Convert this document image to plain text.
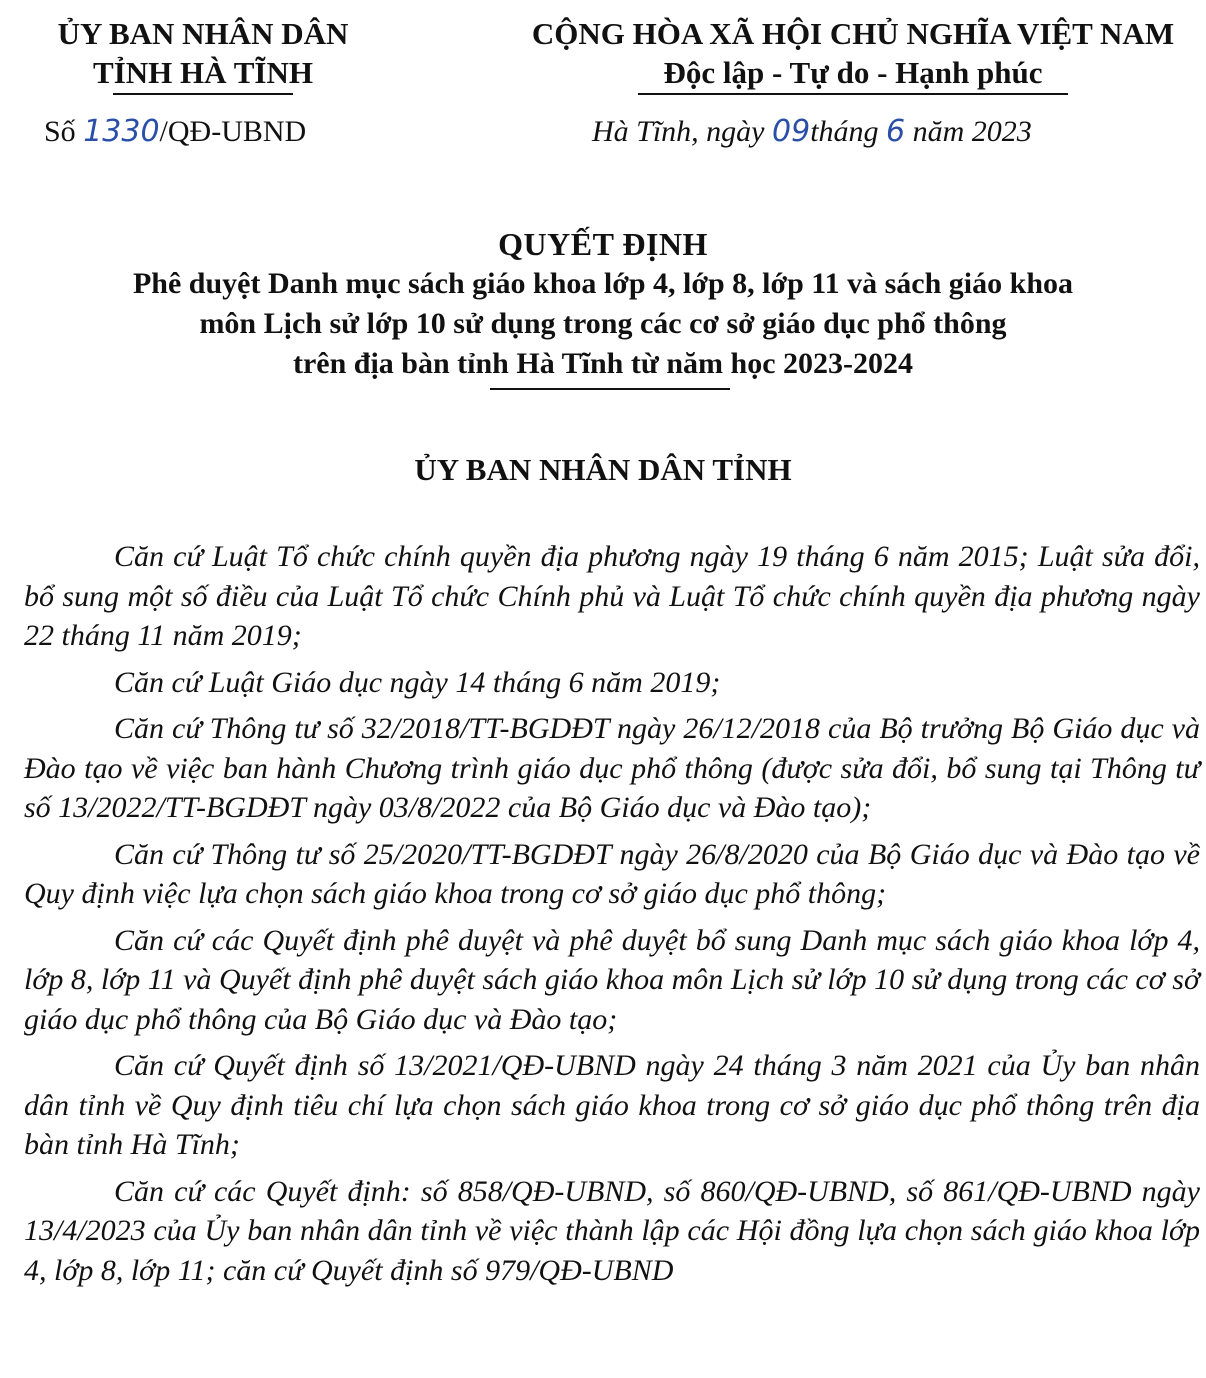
ỦY BAN NHÂN DÂN
TỈNH HÀ TĨNH
CỘNG HÒA XÃ HỘI CHỦ NGHĨA VIỆT NAM
Độc lập - Tự do - Hạnh phúc
Số 1330/QĐ-UBND	Hà Tĩnh, ngày 09tháng 6 năm 2023
QUYẾT ĐỊNH
Phê duyệt Danh mục sách giáo khoa lớp 4, lớp 8, lớp 11 và sách giáo khoa
môn Lịch sử lớp 10 sử dụng trong các cơ sở giáo dục phổ thông
trên địa bàn tỉnh Hà Tĩnh từ năm học 2023-2024
ỦY BAN NHÂN DÂN TỈNH

Căn cứ Luật Tổ chức chính quyền địa phương ngày 19 tháng 6 năm 2015; Luật sửa đổi, bổ sung một số điều của Luật Tổ chức Chính phủ và Luật Tổ chức chính quyền địa phương ngày 22 tháng 11 năm 2019;

Căn cứ Luật Giáo dục ngày 14 tháng 6 năm 2019;

Căn cứ Thông tư số 32/2018/TT-BGDĐT ngày 26/12/2018 của Bộ trưởng Bộ Giáo dục và Đào tạo về việc ban hành Chương trình giáo dục phổ thông (được sửa đổi, bổ sung tại Thông tư số 13/2022/TT-BGDĐT ngày 03/8/2022 của Bộ Giáo dục và Đào tạo);

Căn cứ Thông tư số 25/2020/TT-BGDĐT ngày 26/8/2020 của Bộ Giáo dục và Đào tạo về Quy định việc lựa chọn sách giáo khoa trong cơ sở giáo dục phổ thông;

Căn cứ các Quyết định phê duyệt và phê duyệt bổ sung Danh mục sách giáo khoa lớp 4, lớp 8, lớp 11 và Quyết định phê duyệt sách giáo khoa môn Lịch sử lớp 10 sử dụng trong các cơ sở giáo dục phổ thông của Bộ Giáo dục và Đào tạo;

Căn cứ Quyết định số 13/2021/QĐ-UBND ngày 24 tháng 3 năm 2021 của Ủy ban nhân dân tỉnh về Quy định tiêu chí lựa chọn sách giáo khoa trong cơ sở giáo dục phổ thông trên địa bàn tỉnh Hà Tĩnh;

Căn cứ các Quyết định: số 858/QĐ-UBND, số 860/QĐ-UBND, số 861/QĐ-UBND ngày 13/4/2023 của Ủy ban nhân dân tỉnh về việc thành lập các Hội đồng lựa chọn sách giáo khoa lớp 4, lớp 8, lớp 11; căn cứ Quyết định số 979/QĐ-UBND
